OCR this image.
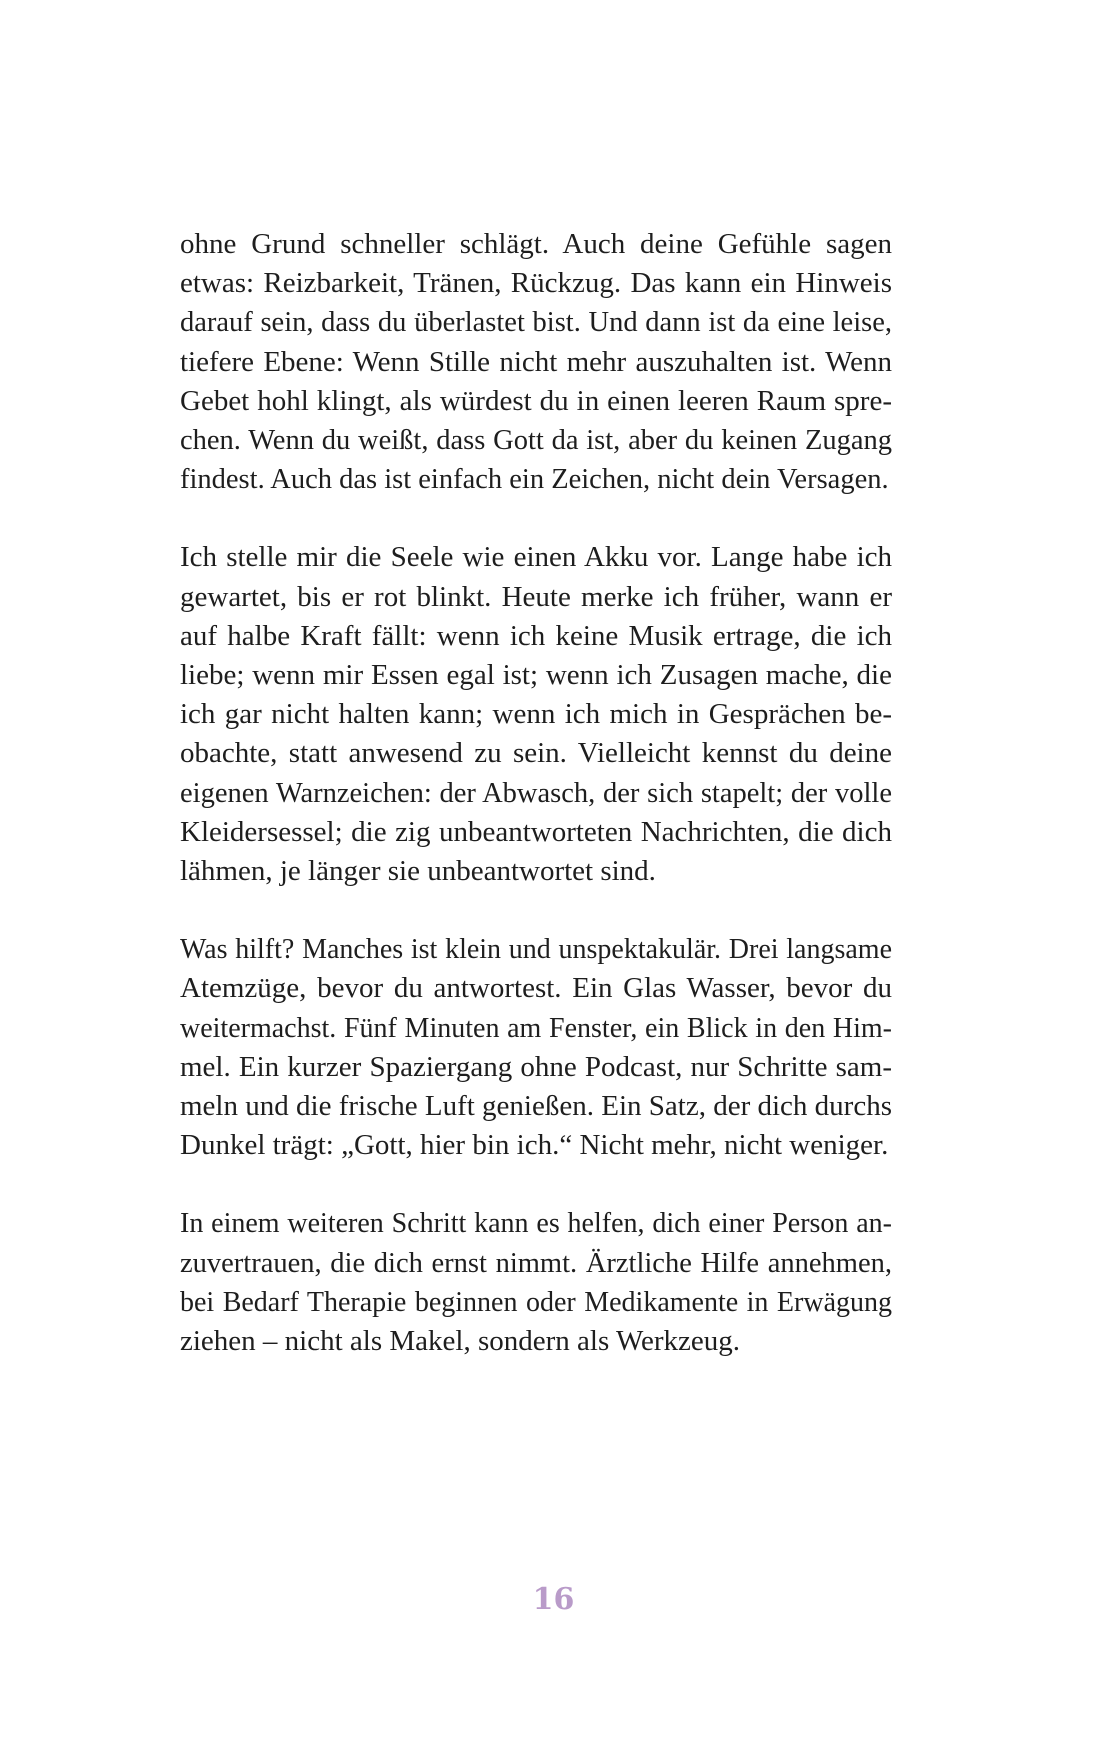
ohne Grund schneller schlägt. Auch deine Gefühle sagen
etwas: Reizbarkeit, Tränen, Rückzug. Das kann ein Hinweis
darauf sein, dass du überlastet bist. Und dann ist da eine leise,
tiefere Ebene: Wenn Stille nicht mehr auszuhalten ist. Wenn
Gebet hohl klingt, als würdest du in einen leeren Raum spre-
chen. Wenn du weißt, dass Gott da ist, aber du keinen Zugang
findest. Auch das ist einfach ein Zeichen, nicht dein Versagen.

Ich stelle mir die Seele wie einen Akku vor. Lange habe ich
gewartet, bis er rot blinkt. Heute merke ich früher, wann er
auf halbe Kraft fällt: wenn ich keine Musik ertrage, die ich
liebe; wenn mir Essen egal ist; wenn ich Zusagen mache, die
ich gar nicht halten kann; wenn ich mich in Gesprächen be-
obachte, statt anwesend zu sein. Vielleicht kennst du deine
eigenen Warnzeichen: der Abwasch, der sich stapelt; der volle
Kleidersessel; die zig unbeantworteten Nachrichten, die dich
lähmen, je länger sie unbeantwortet sind.

Was hilft? Manches ist klein und unspektakulär. Drei langsame
Atemzüge, bevor du antwortest. Ein Glas Wasser, bevor du
weitermachst. Fünf Minuten am Fenster, ein Blick in den Him-
mel. Ein kurzer Spaziergang ohne Podcast, nur Schritte sam-
meln und die frische Luft genießen. Ein Satz, der dich durchs
Dunkel trägt: „Gott, hier bin ich.“ Nicht mehr, nicht weniger.

In einem weiteren Schritt kann es helfen, dich einer Person an-
zuvertrauen, die dich ernst nimmt. Ärztliche Hilfe annehmen,
bei Bedarf Therapie beginnen oder Medikamente in Erwägung
ziehen – nicht als Makel, sondern als Werkzeug.

16
